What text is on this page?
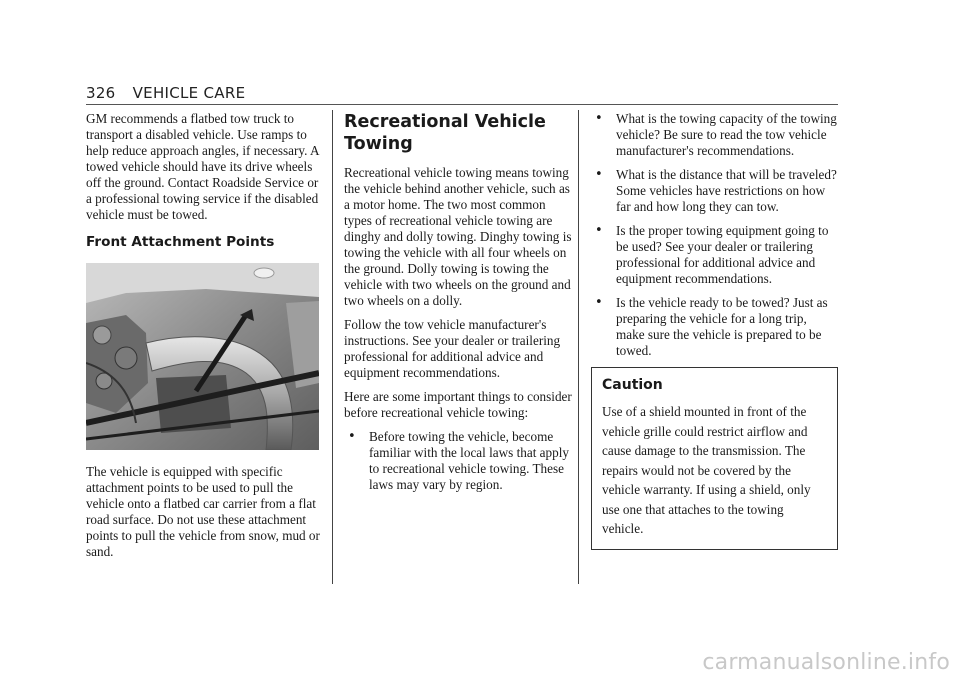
326 VEHICLE CARE

GM recommends a flatbed tow truck to transport a disabled vehicle. Use ramps to help reduce approach angles, if necessary. A towed vehicle should have its drive wheels off the ground. Contact Roadside Service or a professional towing service if the disabled vehicle must be towed.

Front Attachment Points

The vehicle is equipped with specific attachment points to be used to pull the vehicle onto a flatbed car carrier from a flat road surface. Do not use these attachment points to pull the vehicle from snow, mud or sand.

Recreational Vehicle Towing

Recreational vehicle towing means towing the vehicle behind another vehicle, such as a motor home. The two most common types of recreational vehicle towing are dinghy and dolly towing. Dinghy towing is towing the vehicle with all four wheels on the ground. Dolly towing is towing the vehicle with two wheels on the ground and two wheels on a dolly.

Follow the tow vehicle manufacturer's instructions. See your dealer or trailering professional for additional advice and equipment recommendations.

Here are some important things to consider before recreational vehicle towing:

• Before towing the vehicle, become familiar with the local laws that apply to recreational vehicle towing. These laws may vary by region.
• What is the towing capacity of the towing vehicle? Be sure to read the tow vehicle manufacturer's recommendations.
• What is the distance that will be traveled? Some vehicles have restrictions on how far and how long they can tow.
• Is the proper towing equipment going to be used? See your dealer or trailering professional for additional advice and equipment recommendations.
• Is the vehicle ready to be towed? Just as preparing the vehicle for a long trip, make sure the vehicle is prepared to be towed.
Caution
Use of a shield mounted in front of the vehicle grille could restrict airflow and cause damage to the transmission. The repairs would not be covered by the vehicle warranty. If using a shield, only use one that attaches to the towing vehicle.
carmanualsonline.info
